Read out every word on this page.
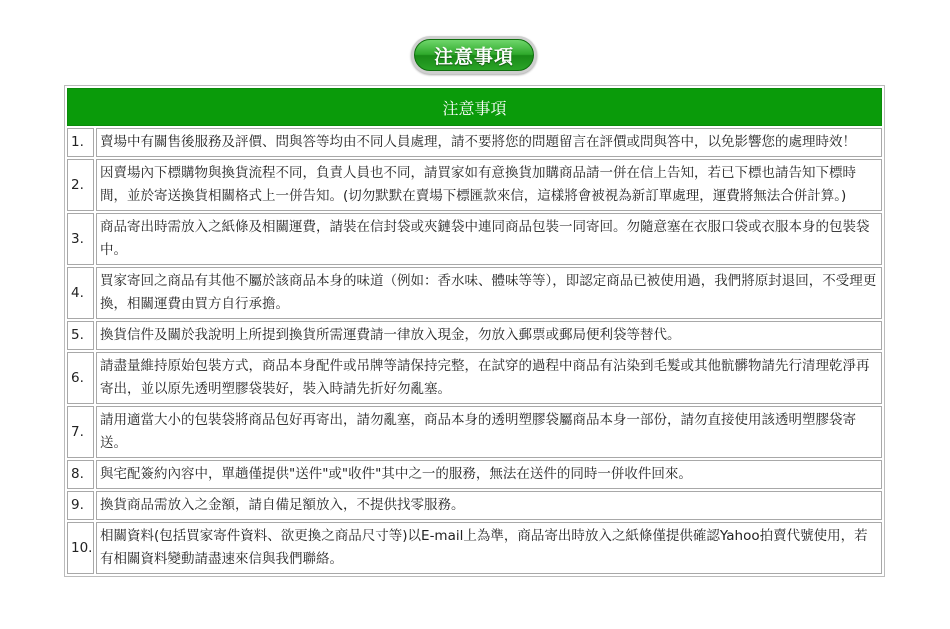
注意事項
注意事項	
1.	賣場中有關售後服務及評價、問與答等均由不同人員處理，請不要將您的問題留言在評價或問與答中，以免影響您的處理時效！
2.	因賣場內下標購物與換貨流程不同，負責人員也不同，請買家如有意換貨加購商品請一併在信上告知，若已下標也請告知下標時間，並於寄送換貨相關格式上一併告知。(切勿默默在賣場下標匯款來信，這樣將會被視為新訂單處理，運費將無法合併計算。)
3.	商品寄出時需放入之紙條及相關運費，請裝在信封袋或夾鏈袋中連同商品包裝一同寄回。勿隨意塞在衣服口袋或衣服本身的包裝袋中。
4.	買家寄回之商品有其他不屬於該商品本身的味道（例如：香水味、體味等等），即認定商品已被使用過，我們將原封退回，不受理更換，相關運費由買方自行承擔。
5.	換貨信件及關於我說明上所提到換貨所需運費請一律放入現金，勿放入郵票或郵局便利袋等替代。
6.	請盡量維持原始包裝方式，商品本身配件或吊牌等請保持完整，在試穿的過程中商品有沾染到毛髮或其他骯髒物請先行清理乾淨再寄出，並以原先透明塑膠袋裝好，裝入時請先折好勿亂塞。
7.	請用適當大小的包裝袋將商品包好再寄出，請勿亂塞，商品本身的透明塑膠袋屬商品本身一部份，請勿直接使用該透明塑膠袋寄送。
8.	與宅配簽約內容中，單趟僅提供"送件"或"收件"其中之一的服務，無法在送件的同時一併收件回來。
9.	換貨商品需放入之金額，請自備足額放入，不提供找零服務。
10.	相關資料(包括買家寄件資料、欲更換之商品尺寸等)以E-mail上為準，商品寄出時放入之紙條僅提供確認Yahoo拍賣代號使用，若有相關資料變動請盡速來信與我們聯絡。
